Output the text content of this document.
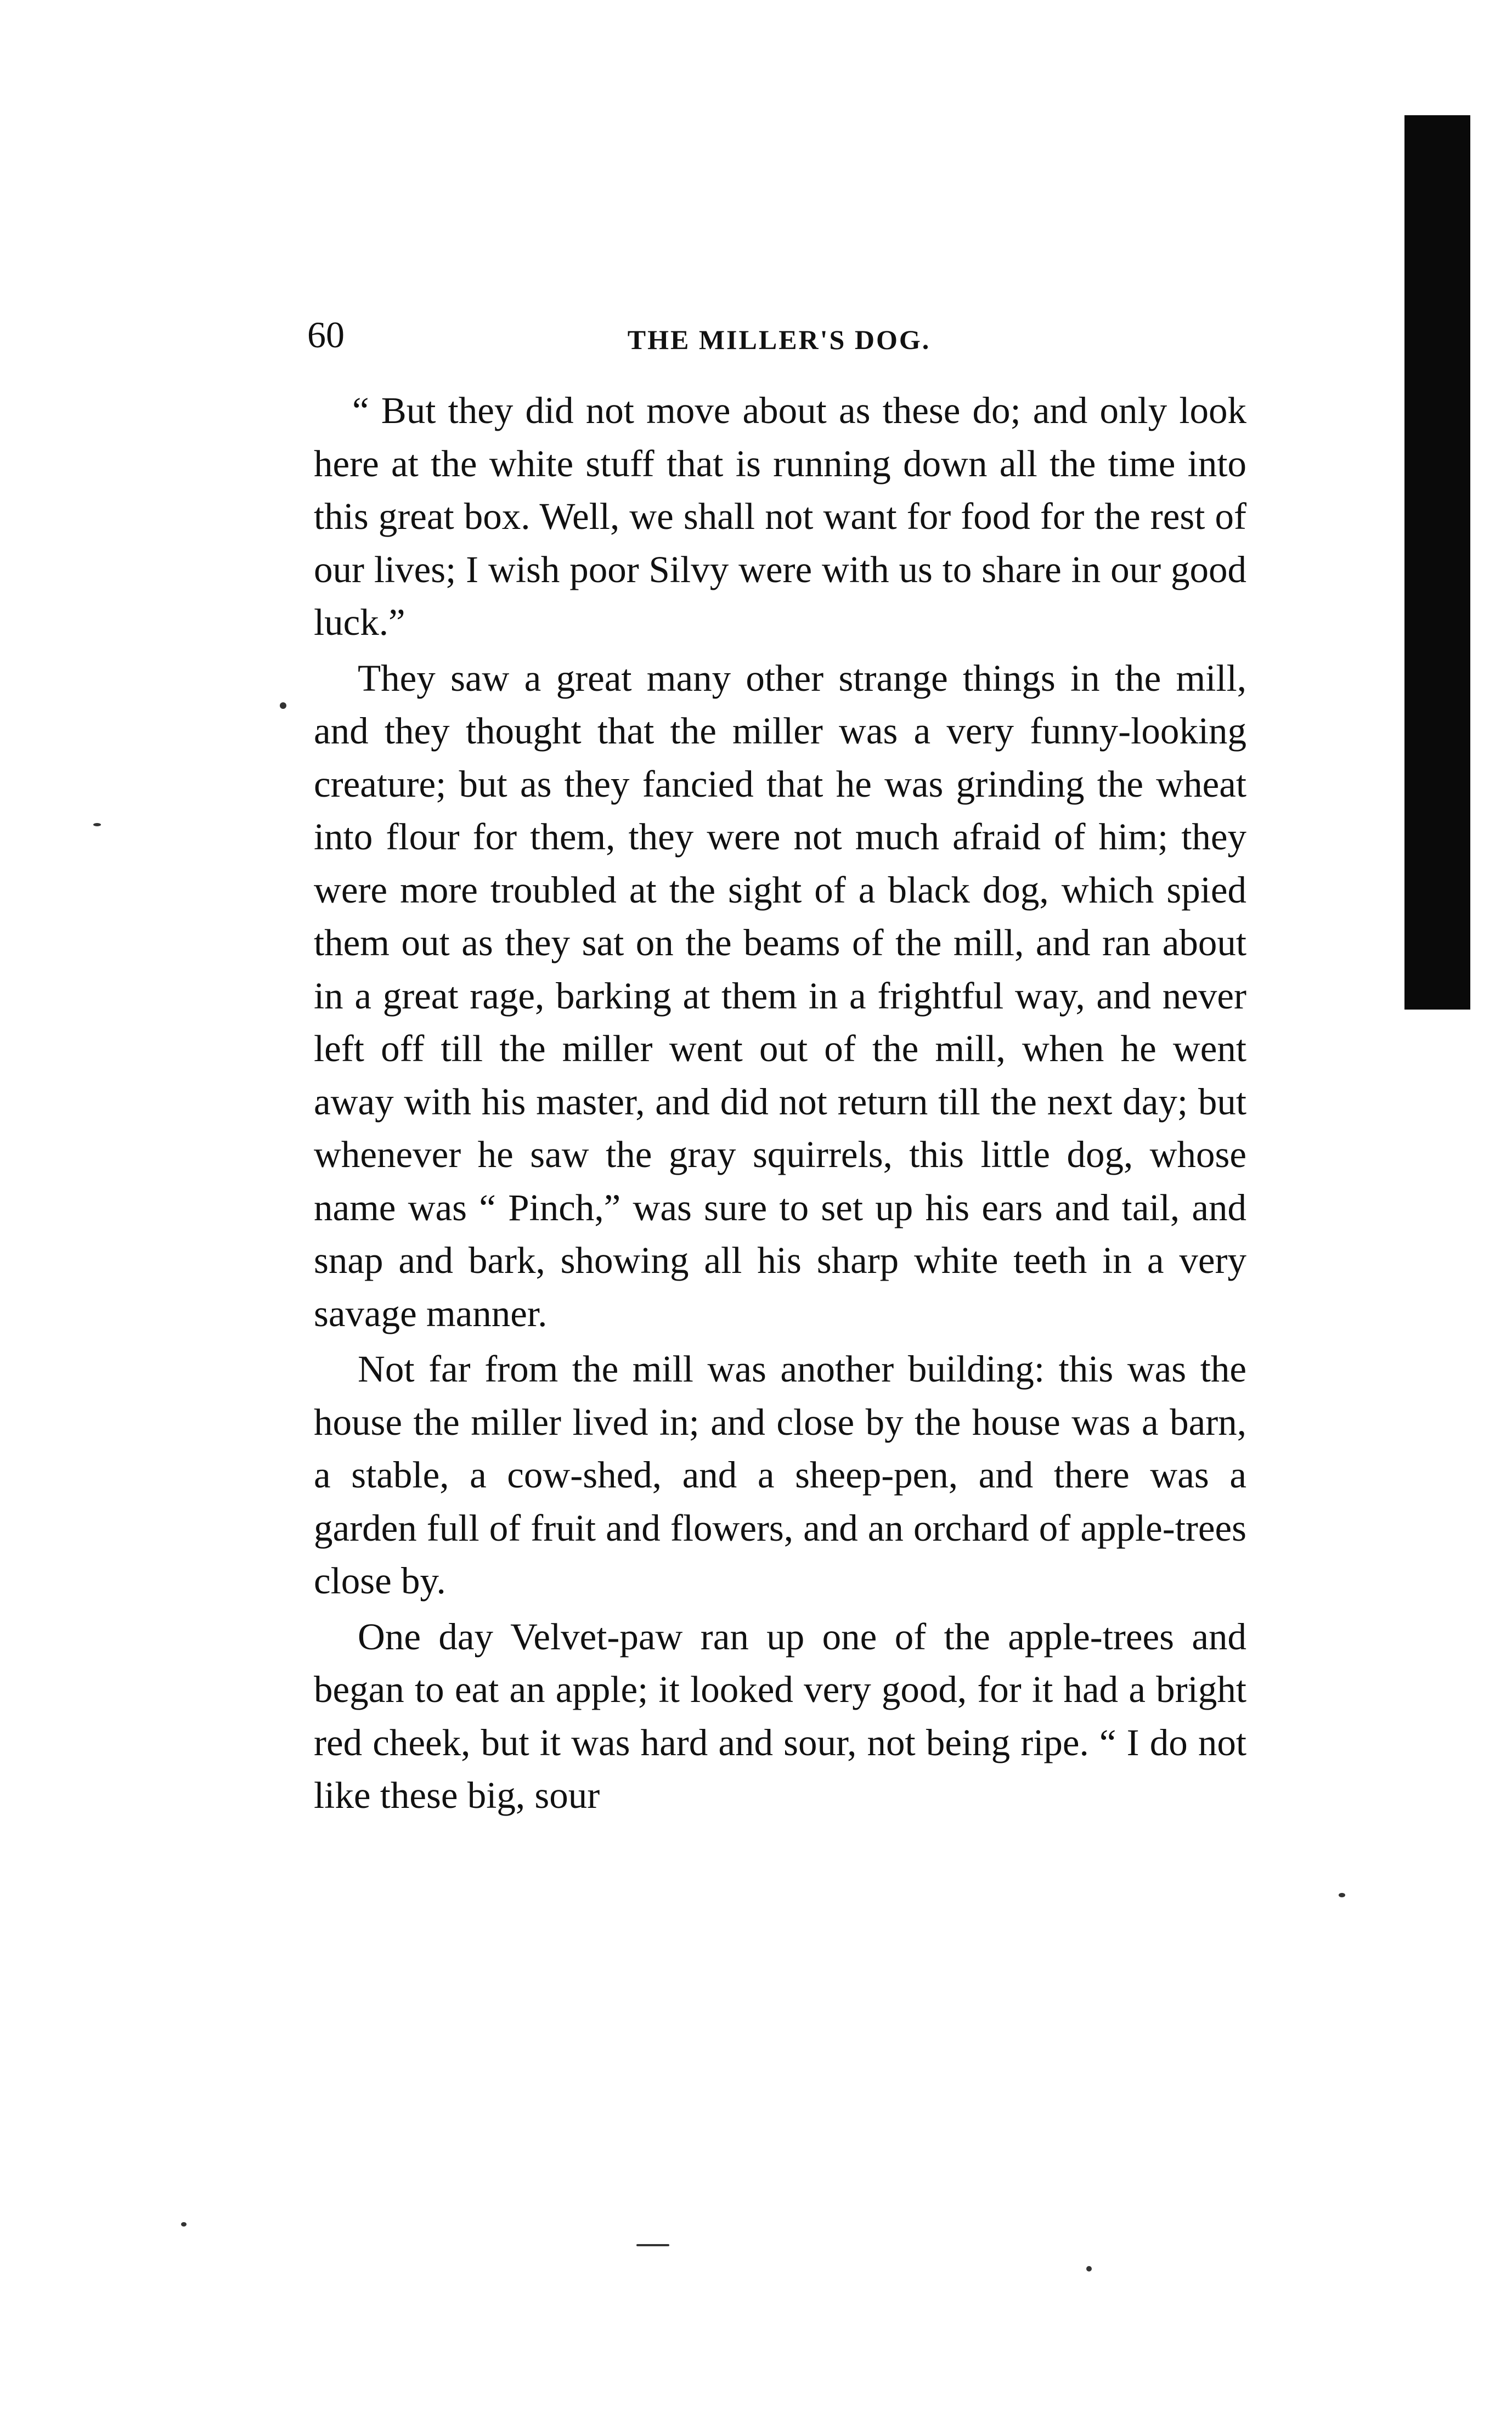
60	THE MILLER'S DOG.

“ But they did not move about as these do; and only look here at the white stuff that is running down all the time into this great box. Well, we shall not want for food for the rest of our lives; I wish poor Silvy were with us to share in our good luck.”

They saw a great many other strange things in the mill, and they thought that the miller was a very funny-looking creature; but as they fancied that he was grinding the wheat into flour for them, they were not much afraid of him; they were more troubled at the sight of a black dog, which spied them out as they sat on the beams of the mill, and ran about in a great rage, barking at them in a frightful way, and never left off till the miller went out of the mill, when he went away with his master, and did not return till the next day; but whenever he saw the gray squirrels, this little dog, whose name was “ Pinch,” was sure to set up his ears and tail, and snap and bark, showing all his sharp white teeth in a very savage manner.

Not far from the mill was another building: this was the house the miller lived in; and close by the house was a barn, a stable, a cow-shed, and a sheep-pen, and there was a garden full of fruit and flowers, and an orchard of apple-trees close by.

One day Velvet-paw ran up one of the apple-trees and began to eat an apple; it looked very good, for it had a bright red cheek, but it was hard and sour, not being ripe. “ I do not like these big, sour
